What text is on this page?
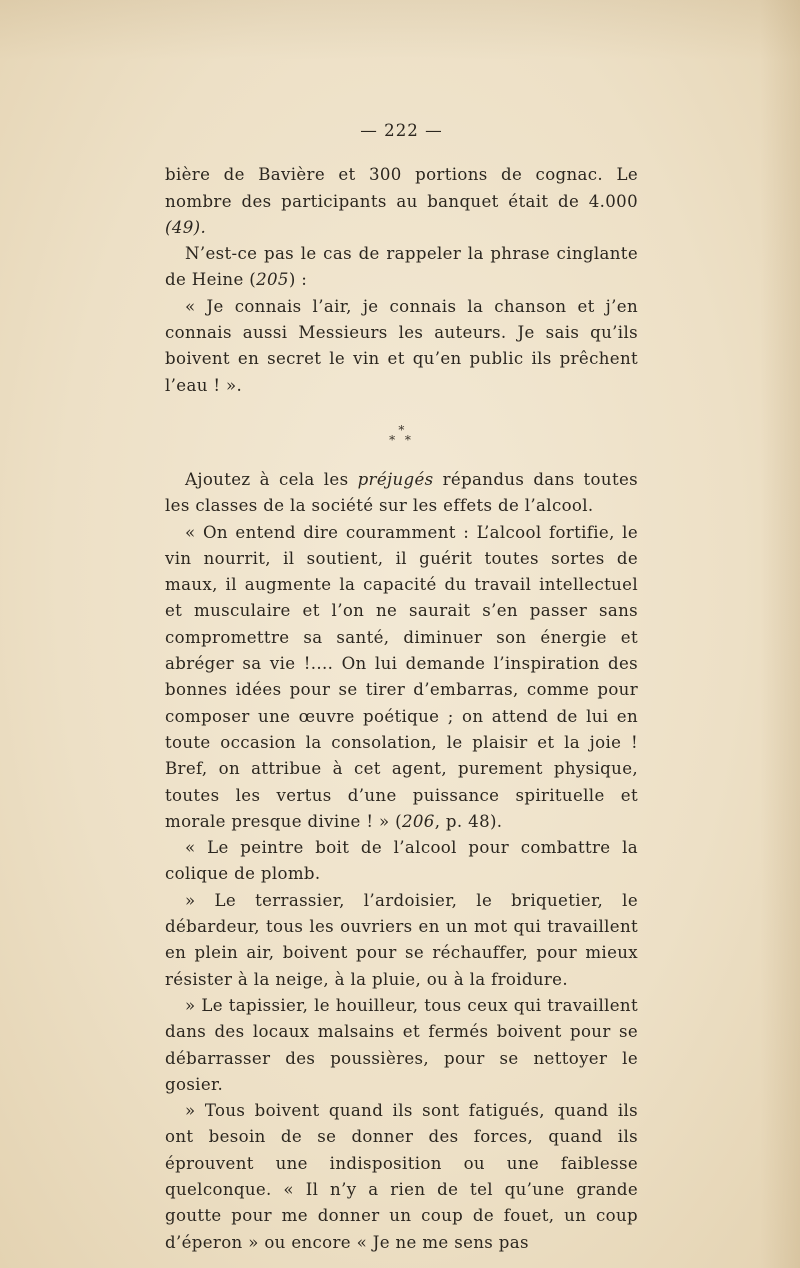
— 222 —

bière de Bavière et 300 portions de cognac. Le nombre des participants au banquet était de 4.000 (49).

N’est-ce pas le cas de rappeler la phrase cinglante de Heine (205) :

« Je connais l’air, je connais la chanson et j’en connais aussi Messieurs les auteurs. Je sais qu’ils boivent en secret le vin et qu’en public ils prêchent l’eau ! ».

*
* *

Ajoutez à cela les préjugés répandus dans toutes les classes de la société sur les effets de l’alcool.

« On entend dire couramment : L’alcool fortifie, le vin nourrit, il soutient, il guérit toutes sortes de maux, il augmente la capacité du travail intellectuel et musculaire et l’on ne saurait s’en passer sans compromettre sa santé, diminuer son énergie et abréger sa vie !.... On lui demande l’inspiration des bonnes idées pour se tirer d’embarras, comme pour composer une œuvre poétique ; on attend de lui en toute occasion la consolation, le plaisir et la joie ! Bref, on attribue à cet agent, purement physique, toutes les vertus d’une puissance spirituelle et morale presque divine ! » (206, p. 48).

« Le peintre boit de l’alcool pour combattre la colique de plomb.

» Le terrassier, l’ardoisier, le briquetier, le débardeur, tous les ouvriers en un mot qui travaillent en plein air, boivent pour se réchauffer, pour mieux résister à la neige, à la pluie, ou à la froidure.

» Le tapissier, le houilleur, tous ceux qui travaillent dans des locaux malsains et fermés boivent pour se débarrasser des poussières, pour se nettoyer le gosier.

» Tous boivent quand ils sont fatigués, quand ils ont besoin de se donner des forces, quand ils éprouvent une indisposition ou une faiblesse quelconque. « Il n’y a rien de tel qu’une grande goutte pour me donner un coup de fouet, un coup d’éperon » ou encore « Je ne me sens pas
